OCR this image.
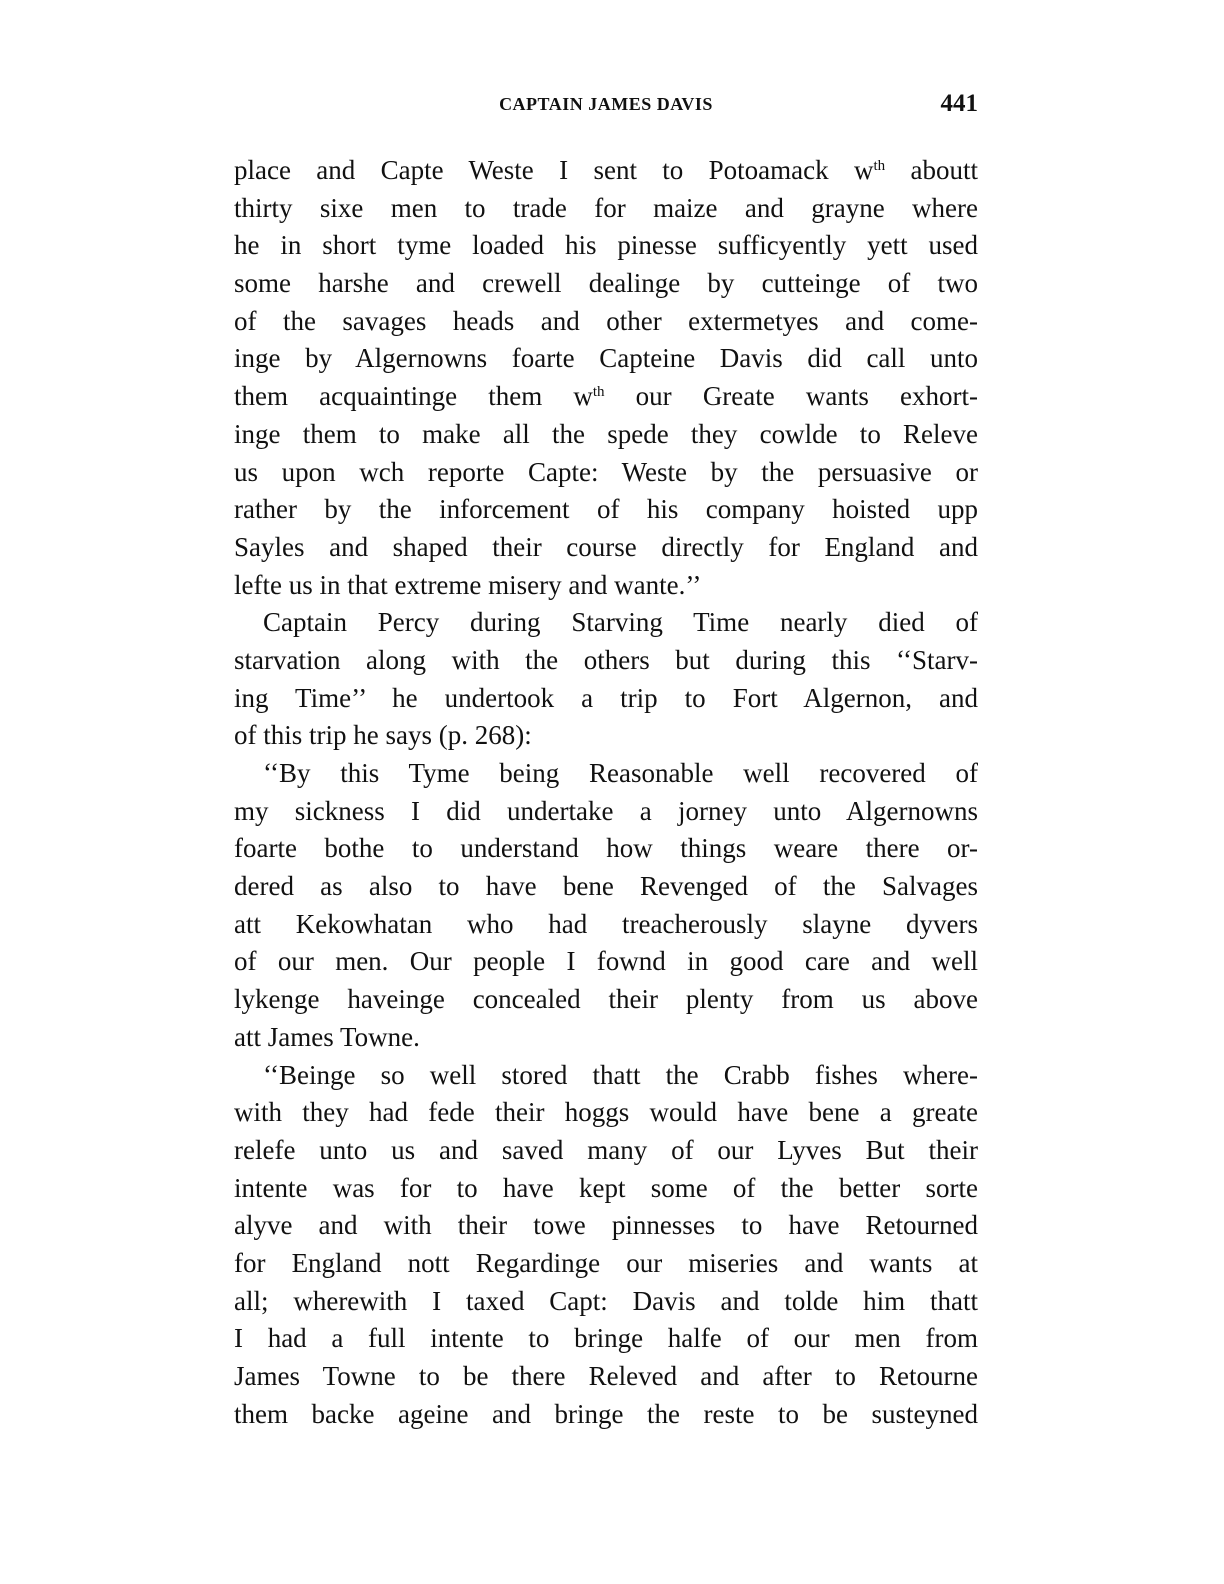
CAPTAIN JAMES DAVIS	441
place and Capte Weste I sent to Potoamack $w^{th}$ aboutt
thirty sixe men to trade for maize and grayne where
he in short tyme loaded his pinesse sufficyently yett used
some harshe and crewell dealinge by cutteinge of two
of the savages heads and other extermetyes and come-
inge by Algernowns foarte Capteine Davis did call unto
them acquaintinge them $w^{th}$ our Greate wants exhort-
inge them to make all the spede they cowlde to Releve
us upon wch reporte Capte: Weste by the persuasive or
rather by the inforcement of his company hoisted upp
Sayles and shaped their course directly for England and
lefte us in that extreme misery and wante.’’
Captain Percy during Starving Time nearly died of
starvation along with the others but during this ‘‘Starv-
ing Time’’ he undertook a trip to Fort Algernon, and
of this trip he says (p. 268):
‘‘By this Tyme being Reasonable well recovered of
my sickness I did undertake a jorney unto Algernowns
foarte bothe to understand how things weare there or-
dered as also to have bene Revenged of the Salvages
att Kekowhatan who had treacherously slayne dyvers
of our men. Our people I fownd in good care and well
lykenge haveinge concealed their plenty from us above
att James Towne.
‘‘Beinge so well stored thatt the Crabb fishes where-
with they had fede their hoggs would have bene a greate
relefe unto us and saved many of our Lyves But their
intente was for to have kept some of the better sorte
alyve and with their towe pinnesses to have Retourned
for England nott Regardinge our miseries and wants at
all; wherewith I taxed Capt: Davis and tolde him thatt
I had a full intente to bringe halfe of our men from
James Towne to be there Releved and after to Retourne
them backe ageine and bringe the reste to be susteyned
